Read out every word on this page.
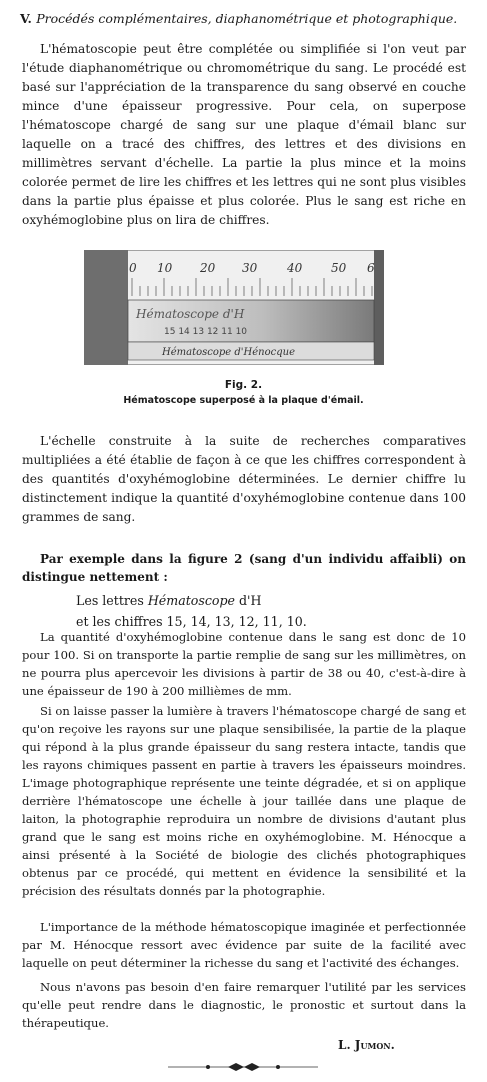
V. Procédés complémentaires, diaphanométrique et photographique.

L'hématoscopie peut être complétée ou simplifiée si l'on veut par l'étude diaphanométrique ou chromométrique du sang. Le procédé est basé sur l'appréciation de la transparence du sang observé en couche mince d'une épaisseur progressive. Pour cela, on superpose l'hématoscope chargé de sang sur une plaque d'émail blanc sur laquelle on a tracé des chiffres, des lettres et des divisions en millimètres servant d'échelle. La partie la plus mince et la moins colorée permet de lire les chiffres et les lettres qui ne sont plus visibles dans la partie plus épaisse et plus colorée. Plus le sang est riche en oxyhémoglobine plus on lira de chiffres.

0 10 20 30 40 50 6
Hématoscope d'H
15 14 13 12 11 10
Hématoscope d'Hénocque
Fig. 2.
Hématoscope superposé à la plaque d'émail.

L'échelle construite à la suite de recherches comparatives multipliées a été établie de façon à ce que les chiffres correspondent à des quantités d'oxyhémoglobine déterminées. Le dernier chiffre lu distinctement indique la quantité d'oxyhémoglobine contenue dans 100 grammes de sang.

Par exemple dans la figure 2 (sang d'un individu affaibli) on distingue nettement :

Les lettres Hématoscope d'H
et les chiffres 15, 14, 13, 12, 11, 10.

La quantité d'oxyhémoglobine contenue dans le sang est donc de 10 pour 100. Si on transporte la partie remplie de sang sur les millimètres, on ne pourra plus apercevoir les divisions à partir de 38 ou 40, c'est-à-dire à une épaisseur de 190 à 200 millièmes de mm.

Si on laisse passer la lumière à travers l'hématoscope chargé de sang et qu'on reçoive les rayons sur une plaque sensibilisée, la partie de la plaque qui répond à la plus grande épaisseur du sang restera intacte, tandis que les rayons chimiques passent en partie à travers les épaisseurs moindres. L'image photographique représente une teinte dégradée, et si on applique derrière l'hématoscope une échelle à jour taillée dans une plaque de laiton, la photographie reproduira un nombre de divisions d'autant plus grand que le sang est moins riche en oxyhémoglobine. M. Hénocque a ainsi présenté à la Société de biologie des clichés photographiques obtenus par ce procédé, qui mettent en évidence la sensibilité et la précision des résultats donnés par la photographie.

L'importance de la méthode hématoscopique imaginée et perfectionnée par M. Hénocque ressort avec évidence par suite de la facilité avec laquelle on peut déterminer la richesse du sang et l'activité des échanges.

Nous n'avons pas besoin d'en faire remarquer l'utilité par les services qu'elle peut rendre dans le diagnostic, le pronostic et surtout dans la thérapeutique.

L. Jumon.
